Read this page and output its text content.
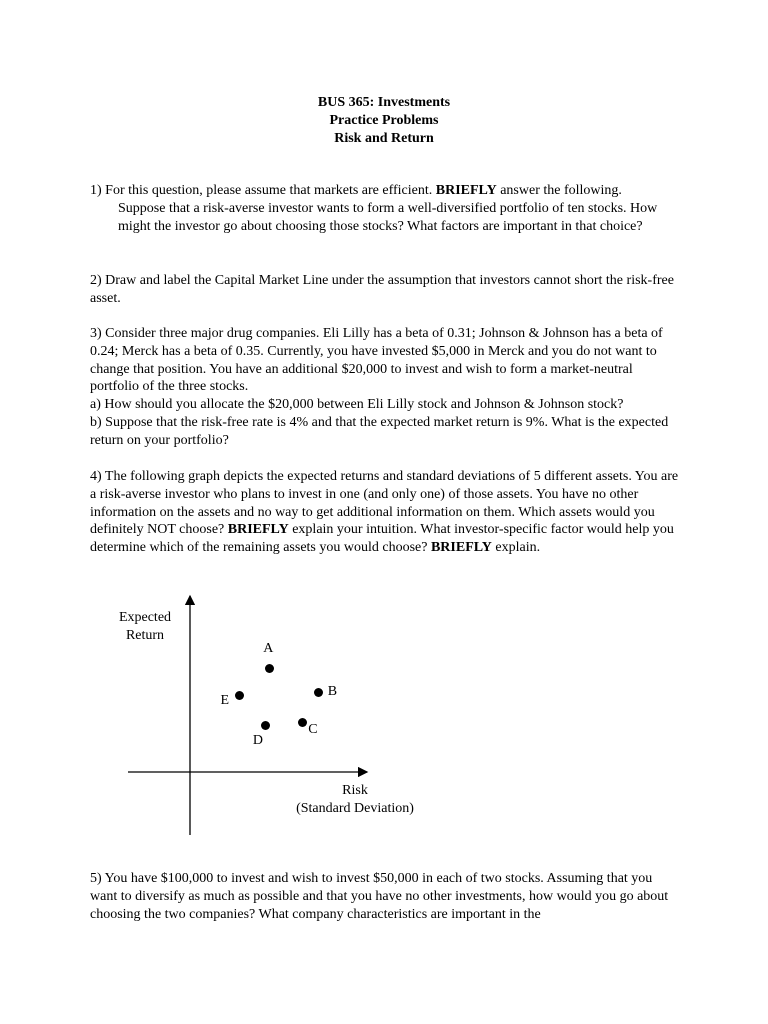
BUS 365: Investments
Practice Problems
Risk and Return

1) For this question, please assume that markets are efficient. BRIEFLY answer the following.

Suppose that a risk-averse investor wants to form a well-diversified portfolio of ten stocks. How might the investor go about choosing those stocks? What factors are important in that choice?

2) Draw and label the Capital Market Line under the assumption that investors cannot short the risk-free asset.

3) Consider three major drug companies. Eli Lilly has a beta of 0.31; Johnson & Johnson has a beta of 0.24; Merck has a beta of 0.35. Currently, you have invested $5,000 in Merck and you do not want to change that position. You have an additional $20,000 to invest and wish to form a market-neutral portfolio of the three stocks.

a) How should you allocate the $20,000 between Eli Lilly stock and Johnson & Johnson stock?

b) Suppose that the risk-free rate is 4% and that the expected market return is 9%. What is the expected return on your portfolio?

4) The following graph depicts the expected returns and standard deviations of 5 different assets. You are a risk-averse investor who plans to invest in one (and only one) of those assets. You have no other information on the assets and no way to get additional information on them. Which assets would you definitely NOT choose? BRIEFLY explain your intuition. What investor-specific factor would help you determine which of the remaining assets you would choose? BRIEFLY explain.

Expected
Return
Risk
(Standard Deviation)
A
B
C
D
E

5) You have $100,000 to invest and wish to invest $50,000 in each of two stocks. Assuming that you want to diversify as much as possible and that you have no other investments, how would you go about choosing the two companies? What company characteristics are important in the
